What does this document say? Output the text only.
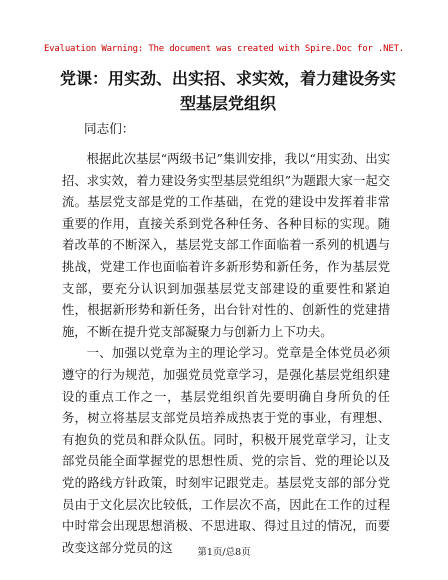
Evaluation Warning: The document was created with Spire.Doc for .NET.
党课：用实劲、出实招、求实效，着力建设务实型基层党组织
同志们：

根据此次基层“两级书记”集训安排，我以“用实劲、出实招、求实效，着力建设务实型基层党组织”为题跟大家一起交流。基层党支部是党的工作基础，在党的建设中发挥着非常重要的作用，直接关系到党各种任务、各种目标的实现。随着改革的不断深入，基层党支部工作面临着一系列的机遇与挑战，党建工作也面临着许多新形势和新任务，作为基层党支部，要充分认识到加强基层党支部建设的重要性和紧迫性，根据新形势和新任务，出台针对性的、创新性的党建措施，不断在提升党支部凝聚力与创新力上下功夫。

一、加强以党章为主的理论学习。党章是全体党员必须遵守的行为规范，加强党员党章学习，是强化基层党组织建设的重点工作之一，基层党组织首先要明确自身所负的任务，树立将基层支部党员培养成热衷于党的事业，有理想、有抱负的党员和群众队伍。同时，积极开展党章学习，让支部党员能全面掌握党的思想性质、党的宗旨、党的理论以及党的路线方针政策，时刻牢记跟党走。基层党支部的部分党员由于文化层次比较低，工作层次不高，因此在工作的过程中时常会出现思想消极、不思进取、得过且过的情况，而要改变这部分党员的这	第1页/总8页
